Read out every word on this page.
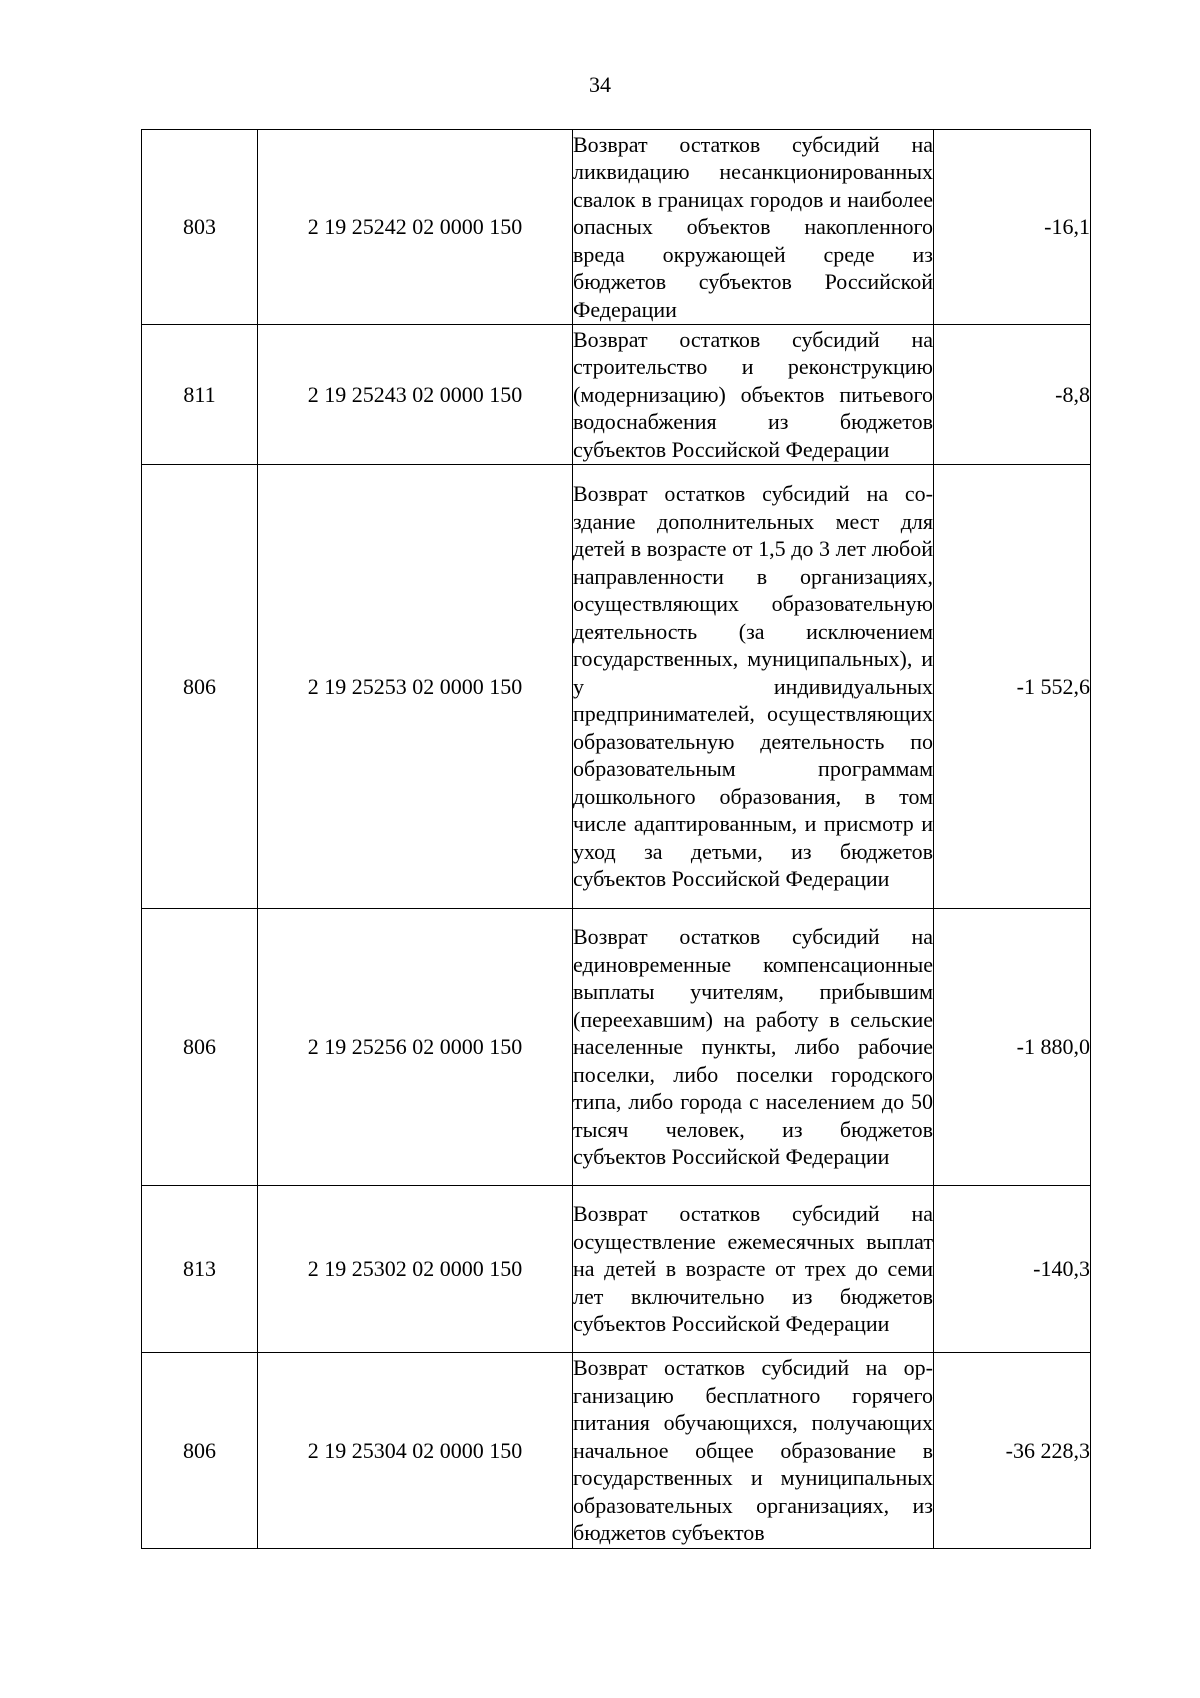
34
803	2 19 25242 02 0000 150	Возврат остатков субсидий на ликвидацию несанкционированных свалок в границах городов и наиболее опасных объектов накопленного вреда окружающей среде из бюджетов субъектов Российской Федерации	-16,1
811	2 19 25243 02 0000 150	Возврат остатков субсидий на строительство и реконструкцию (модернизацию) объектов питьевого водоснабжения из бюджетов субъектов Российской Федерации	-8,8
806	2 19 25253 02 0000 150	Возврат остатков субсидий на создание дополнительных мест для детей в возрасте от 1,5 до 3 лет любой направленности в организациях, осуществляющих образовательную деятельность (за исключением государственных, муниципальных), и у индивидуальных предпринимателей, осуществляющих образовательную деятельность по образовательным программам дошкольного образования, в том числе адаптированным, и присмотр и уход за детьми, из бюджетов субъектов Российской Федерации	-1 552,6
806	2 19 25256 02 0000 150	Возврат остатков субсидий на единовременные компенсационные выплаты учителям, прибывшим (переехавшим) на работу в сельские населенные пункты, либо рабочие поселки, либо поселки городского типа, либо города с населением до 50 тысяч человек, из бюджетов субъектов Российской Федерации	-1 880,0
813	2 19 25302 02 0000 150	Возврат остатков субсидий на осуществление ежемесячных выплат на детей в возрасте от трех до семи лет включительно из бюджетов субъектов Российской Федерации	-140,3
806	2 19 25304 02 0000 150	Возврат остатков субсидий на организацию бесплатного горячего питания обучающихся, получающих начальное общее образование в государственных и муниципальных образовательных организациях, из бюджетов субъектов	-36 228,3
